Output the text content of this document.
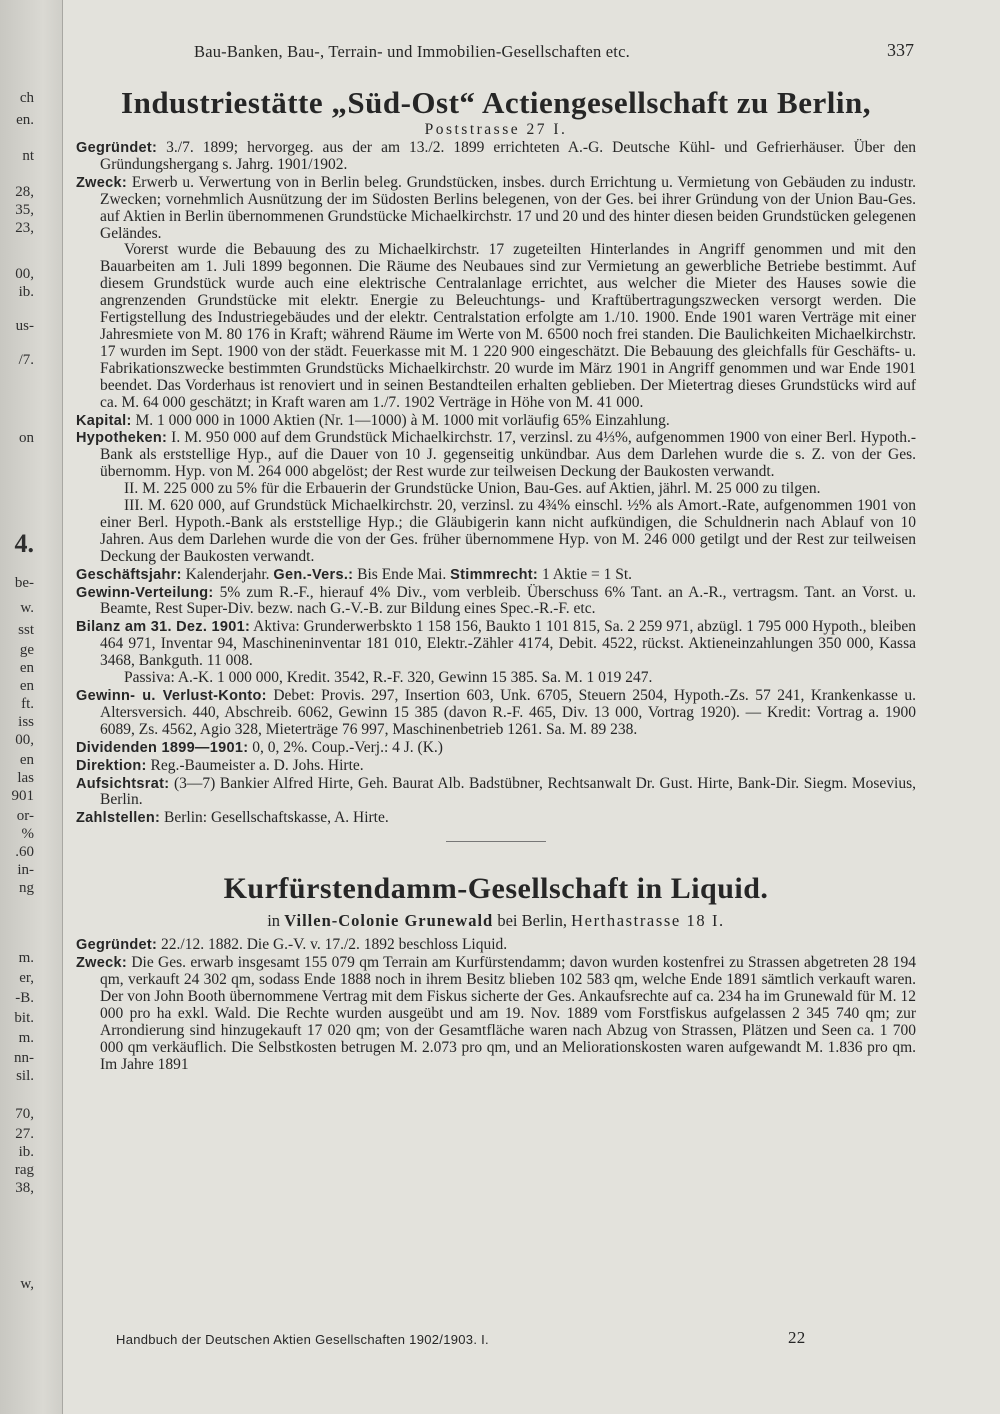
ch
en.
nt
28,
35,
23,
00,
ib.
us-
/7.
on
4.
be-
w.
sst
ge
en
en
ft.
iss
00,
en
las
901
or-
%
.60
in-
ng
m.
er,
-B.
bit.
m.
nn-
sil.
70,
27.
ib.
rag
38,
w,
Bau-Banken, Bau-, Terrain- und Immobilien-Gesellschaften etc.	337
Industriestätte „Süd-Ost“ Actiengesellschaft zu Berlin,
Poststrasse 27 I.
Gegründet: 3./7. 1899; hervorgeg. aus der am 13./2. 1899 errichteten A.-G. Deutsche Kühl- und Gefrierhäuser. Über den Gründungshergang s. Jahrg. 1901/1902.
Zweck: Erwerb u. Verwertung von in Berlin beleg. Grundstücken, insbes. durch Errichtung u. Vermietung von Gebäuden zu industr. Zwecken; vornehmlich Ausnützung der im Südosten Berlins belegenen, von der Ges. bei ihrer Gründung von der Union Bau-Ges. auf Aktien in Berlin übernommenen Grundstücke Michaelkirchstr. 17 und 20 und des hinter diesen beiden Grundstücken gelegenen Geländes.
Vorerst wurde die Bebauung des zu Michaelkirchstr. 17 zugeteilten Hinterlandes in Angriff genommen und mit den Bauarbeiten am 1. Juli 1899 begonnen. Die Räume des Neubaues sind zur Vermietung an gewerbliche Betriebe bestimmt. Auf diesem Grundstück wurde auch eine elektrische Centralanlage errichtet, aus welcher die Mieter des Hauses sowie die angrenzenden Grundstücke mit elektr. Energie zu Beleuchtungs- und Kraftübertragungszwecken versorgt werden. Die Fertigstellung des Industriegebäudes und der elektr. Centralstation erfolgte am 1./10. 1900. Ende 1901 waren Verträge mit einer Jahresmiete von M. 80 176 in Kraft; während Räume im Werte von M. 6500 noch frei standen. Die Baulichkeiten Michaelkirchstr. 17 wurden im Sept. 1900 von der städt. Feuerkasse mit M. 1 220 900 eingeschätzt. Die Bebauung des gleichfalls für Geschäfts- u. Fabrikationszwecke bestimmten Grundstücks Michaelkirchstr. 20 wurde im März 1901 in Angriff genommen und war Ende 1901 beendet. Das Vorderhaus ist renoviert und in seinen Bestandteilen erhalten geblieben. Der Mietertrag dieses Grundstücks wird auf ca. M. 64 000 geschätzt; in Kraft waren am 1./7. 1902 Verträge in Höhe von M. 41 000.
Kapital: M. 1 000 000 in 1000 Aktien (Nr. 1—1000) à M. 1000 mit vorläufig 65% Einzahlung.
Hypotheken: I. M. 950 000 auf dem Grundstück Michaelkirchstr. 17, verzinsl. zu 4⅓%, aufgenommen 1900 von einer Berl. Hypoth.-Bank als erststellige Hyp., auf die Dauer von 10 J. gegenseitig unkündbar. Aus dem Darlehen wurde die s. Z. von der Ges. übernomm. Hyp. von M. 264 000 abgelöst; der Rest wurde zur teilweisen Deckung der Baukosten verwandt.
II. M. 225 000 zu 5% für die Erbauerin der Grundstücke Union, Bau-Ges. auf Aktien, jährl. M. 25 000 zu tilgen.
III. M. 620 000, auf Grundstück Michaelkirchstr. 20, verzinsl. zu 4¾% einschl. ½% als Amort.-Rate, aufgenommen 1901 von einer Berl. Hypoth.-Bank als erststellige Hyp.; die Gläubigerin kann nicht aufkündigen, die Schuldnerin nach Ablauf von 10 Jahren. Aus dem Darlehen wurde die von der Ges. früher übernommene Hyp. von M. 246 000 getilgt und der Rest zur teilweisen Deckung der Baukosten verwandt.
Geschäftsjahr: Kalenderjahr. Gen.-Vers.: Bis Ende Mai. Stimmrecht: 1 Aktie = 1 St.
Gewinn-Verteilung: 5% zum R.-F., hierauf 4% Div., vom verbleib. Überschuss 6% Tant. an A.-R., vertragsm. Tant. an Vorst. u. Beamte, Rest Super-Div. bezw. nach G.-V.-B. zur Bildung eines Spec.-R.-F. etc.
Bilanz am 31. Dez. 1901: Aktiva: Grunderwerbskto 1 158 156, Baukto 1 101 815, Sa. 2 259 971, abzügl. 1 795 000 Hypoth., bleiben 464 971, Inventar 94, Maschineninventar 181 010, Elektr.-Zähler 4174, Debit. 4522, rückst. Aktieneinzahlungen 350 000, Kassa 3468, Bankguth. 11 008.
Passiva: A.-K. 1 000 000, Kredit. 3542, R.-F. 320, Gewinn 15 385. Sa. M. 1 019 247.
Gewinn- u. Verlust-Konto: Debet: Provis. 297, Insertion 603, Unk. 6705, Steuern 2504, Hypoth.-Zs. 57 241, Krankenkasse u. Altersversich. 440, Abschreib. 6062, Gewinn 15 385 (davon R.-F. 465, Div. 13 000, Vortrag 1920). — Kredit: Vortrag a. 1900 6089, Zs. 4562, Agio 328, Mieterträge 76 997, Maschinenbetrieb 1261. Sa. M. 89 238.
Dividenden 1899—1901: 0, 0, 2%. Coup.-Verj.: 4 J. (K.)
Direktion: Reg.-Baumeister a. D. Johs. Hirte.
Aufsichtsrat: (3—7) Bankier Alfred Hirte, Geh. Baurat Alb. Badstübner, Rechtsanwalt Dr. Gust. Hirte, Bank-Dir. Siegm. Mosevius, Berlin.
Zahlstellen: Berlin: Gesellschaftskasse, A. Hirte.
Kurfürstendamm-Gesellschaft in Liquid.
in Villen-Colonie Grunewald bei Berlin, Herthastrasse 18 I.
Gegründet: 22./12. 1882. Die G.-V. v. 17./2. 1892 beschloss Liquid.
Zweck: Die Ges. erwarb insgesamt 155 079 qm Terrain am Kurfürstendamm; davon wurden kostenfrei zu Strassen abgetreten 28 194 qm, verkauft 24 302 qm, sodass Ende 1888 noch in ihrem Besitz blieben 102 583 qm, welche Ende 1891 sämtlich verkauft waren. Der von John Booth übernommene Vertrag mit dem Fiskus sicherte der Ges. Ankaufsrechte auf ca. 234 ha im Grunewald für M. 12 000 pro ha exkl. Wald. Die Rechte wurden ausgeübt und am 19. Nov. 1889 vom Forstfiskus aufgelassen 2 345 740 qm; zur Arrondierung sind hinzugekauft 17 020 qm; von der Gesamtfläche waren nach Abzug von Strassen, Plätzen und Seen ca. 1 700 000 qm verkäuflich. Die Selbstkosten betrugen M. 2.073 pro qm, und an Meliorationskosten waren aufgewandt M. 1.836 pro qm. Im Jahre 1891
Handbuch der Deutschen Aktien Gesellschaften 1902/1903. I.	22
